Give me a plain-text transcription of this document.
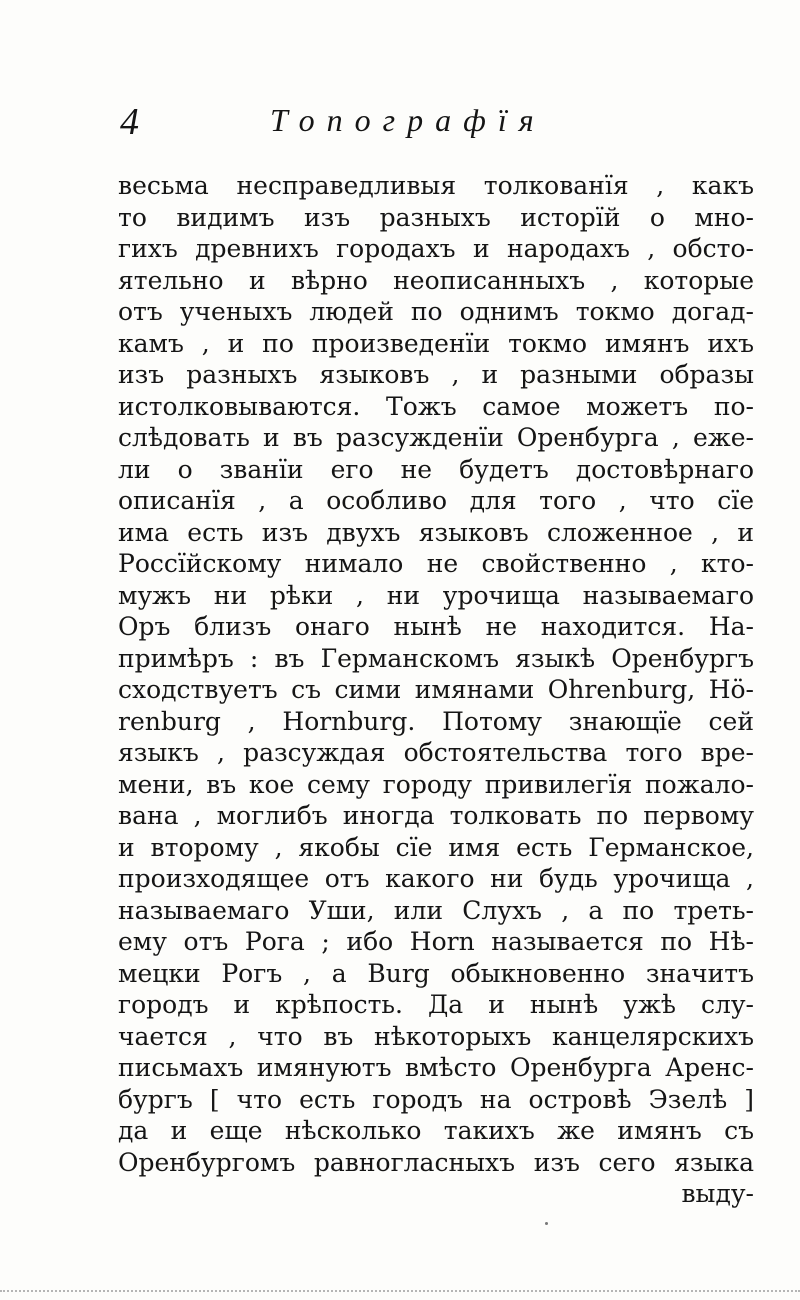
4	Топографїя
весьма несправедливыя толкованїя , какъ
то видимъ изъ разныхъ исторїй о мно-
гихъ древнихъ городахъ и народахъ , обсто-
ятельно и вѣрно неописанныхъ , которые
отъ ученыхъ людей по однимъ токмо догад-
камъ , и по произведенїи токмо имянъ ихъ
изъ разныхъ языковъ , и разными образы
истолковываются. Тожъ самое можетъ по-
слѣдовать и въ разсужденїи Оренбурга , еже-
ли о званїи его не будетъ достовѣрнаго
описанїя , а особливо для того , что сїе
има есть изъ двухъ языковъ сложенное , и
Россїйскому нимало не свойственно , кто-
мужъ ни рѣки , ни урочища называемаго
Оръ близъ онаго нынѣ не находится. На-
примѣръ : въ Германскомъ языкѣ Оренбургъ
сходствуетъ съ сими имянами Ohrenburg, Hö-
renburg , Hornburg. Потому знающїе сей
языкъ , разсуждая обстоятельства того вре-
мени, въ кое сему городу привилегїя пожало-
вана , моглибъ иногда толковать по первому
и второму , якобы сїе имя есть Германское,
произходящее отъ какого ни будь урочища ,
называемаго Уши, или Слухъ , а по треть-
ему отъ Рога ; ибо Horn называется по Нѣ-
мецки Рогъ , а Burg обыкновенно значитъ
городъ и крѣпость. Да и нынѣ ужѣ слу-
чается , что въ нѣкоторыхъ канцелярскихъ
письмахъ имянуютъ вмѣсто Оренбурга Аренс-
бургъ [ что есть городъ на островѣ Эзелѣ ]
да и еще нѣсколько такихъ же имянъ съ
Оренбургомъ равногласныхъ изъ сего языка
выду-
